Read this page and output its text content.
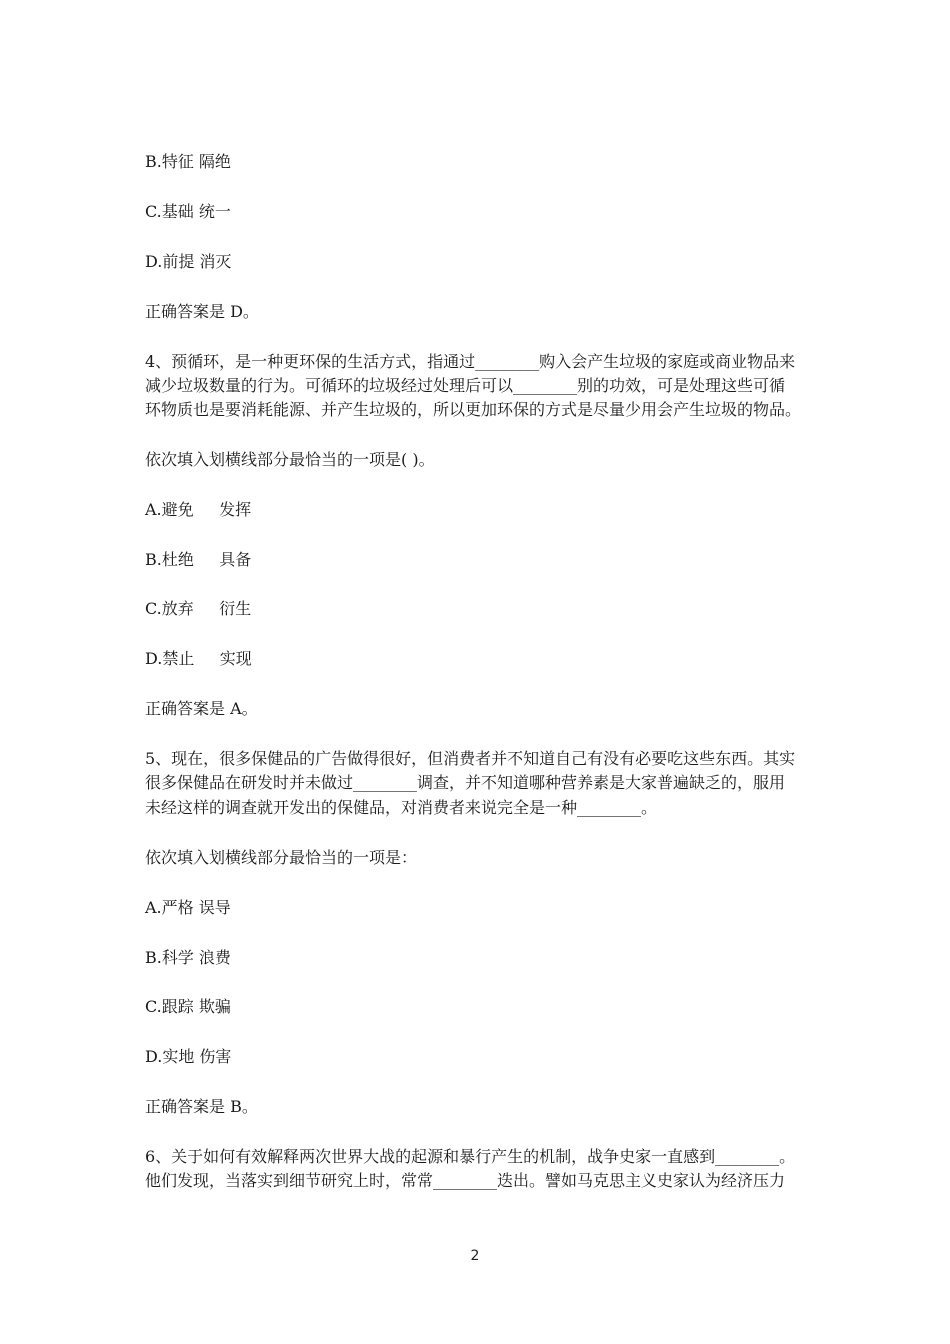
B.特征 隔绝

C.基础 统一

D.前提 消灭

正确答案是 D。

4、预循环，是一种更环保的生活方式，指通过________购入会产生垃圾的家庭或商业物品来

减少垃圾数量的行为。可循环的垃圾经过处理后可以________别的功效，可是处理这些可循

环物质也是要消耗能源、并产生垃圾的，所以更加环保的方式是尽量少用会产生垃圾的物品。

依次填入划横线部分最恰当的一项是( )。

A.避免     发挥

B.杜绝     具备

C.放弃     衍生

D.禁止     实现

正确答案是 A。

5、现在，很多保健品的广告做得很好，但消费者并不知道自己有没有必要吃这些东西。其实

很多保健品在研发时并未做过________调查，并不知道哪种营养素是大家普遍缺乏的，服用

未经这样的调查就开发出的保健品，对消费者来说完全是一种________。

依次填入划横线部分最恰当的一项是：

A.严格 误导

B.科学 浪费

C.跟踪 欺骗

D.实地 伤害

正确答案是 B。

6、关于如何有效解释两次世界大战的起源和暴行产生的机制，战争史家一直感到________。

他们发现，当落实到细节研究上时，常常________迭出。譬如马克思主义史家认为经济压力

2
